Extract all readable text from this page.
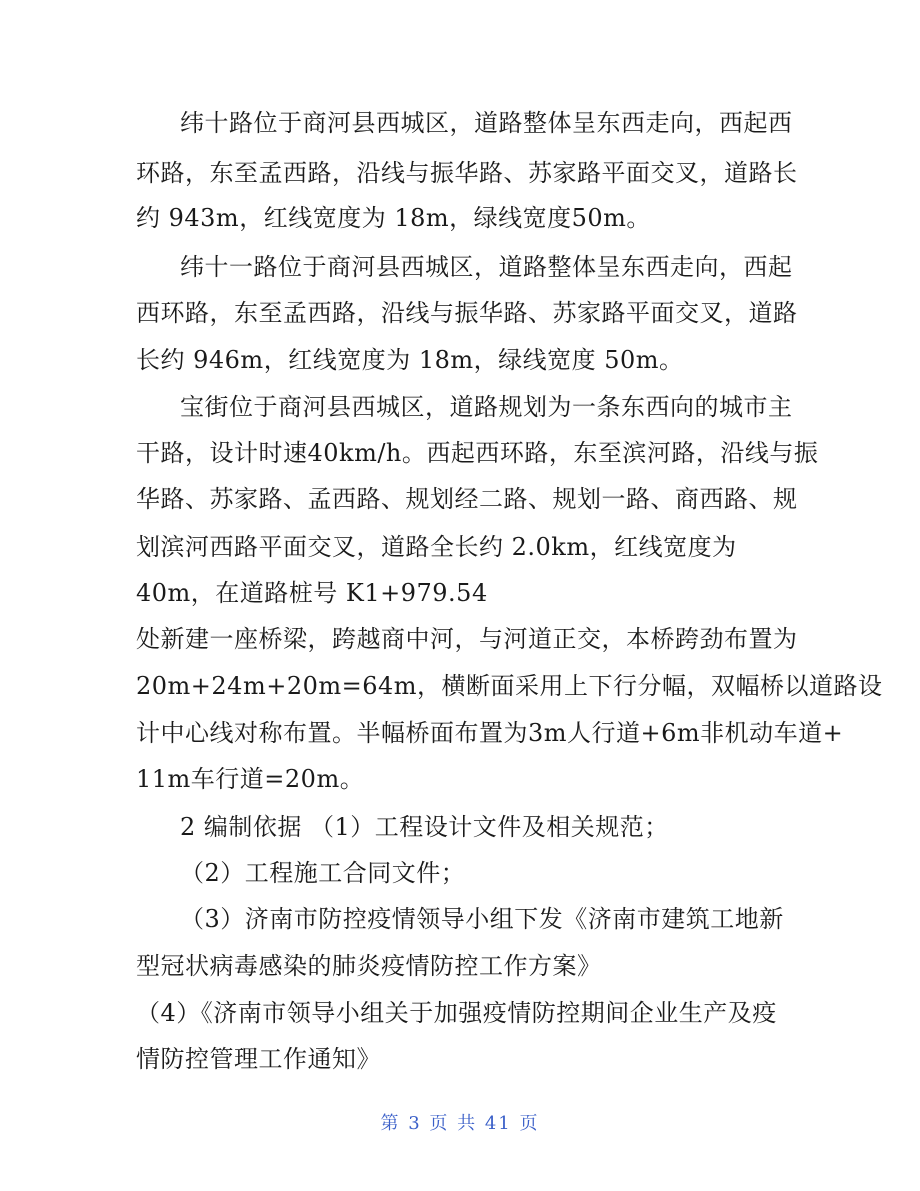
纬十路位于商河县西城区，道路整体呈东西走向，西起西
环路，东至孟西路，沿线与振华路、苏家路平面交叉，道路长
约 943m，红线宽度为 18m，绿线宽度50m。
纬十一路位于商河县西城区，道路整体呈东西走向，西起
西环路，东至孟西路，沿线与振华路、苏家路平面交叉，道路
长约 946m，红线宽度为 18m，绿线宽度 50m。
宝街位于商河县西城区，道路规划为一条东西向的城市主
干路，设计时速40km/h。西起西环路，东至滨河路，沿线与振
华路、苏家路、孟西路、规划经二路、规划一路、商西路、规
划滨河西路平面交叉，道路全长约 2.0km，红线宽度为
40m，在道路桩号 K1+979.54
处新建一座桥梁，跨越商中河，与河道正交，本桥跨劲布置为
20m+24m+20m=64m，横断面采用上下行分幅，双幅桥以道路设
计中心线对称布置。半幅桥面布置为3m人行道+6m非机动车道+
11m车行道=20m。
2 编制依据 （1）工程设计文件及相关规范；
（2）工程施工合同文件；
（3）济南市防控疫情领导小组下发《济南市建筑工地新
型冠状病毒感染的肺炎疫情防控工作方案》
（4）《济南市领导小组关于加强疫情防控期间企业生产及疫
情防控管理工作通知》
第 3 页 共 41 页
